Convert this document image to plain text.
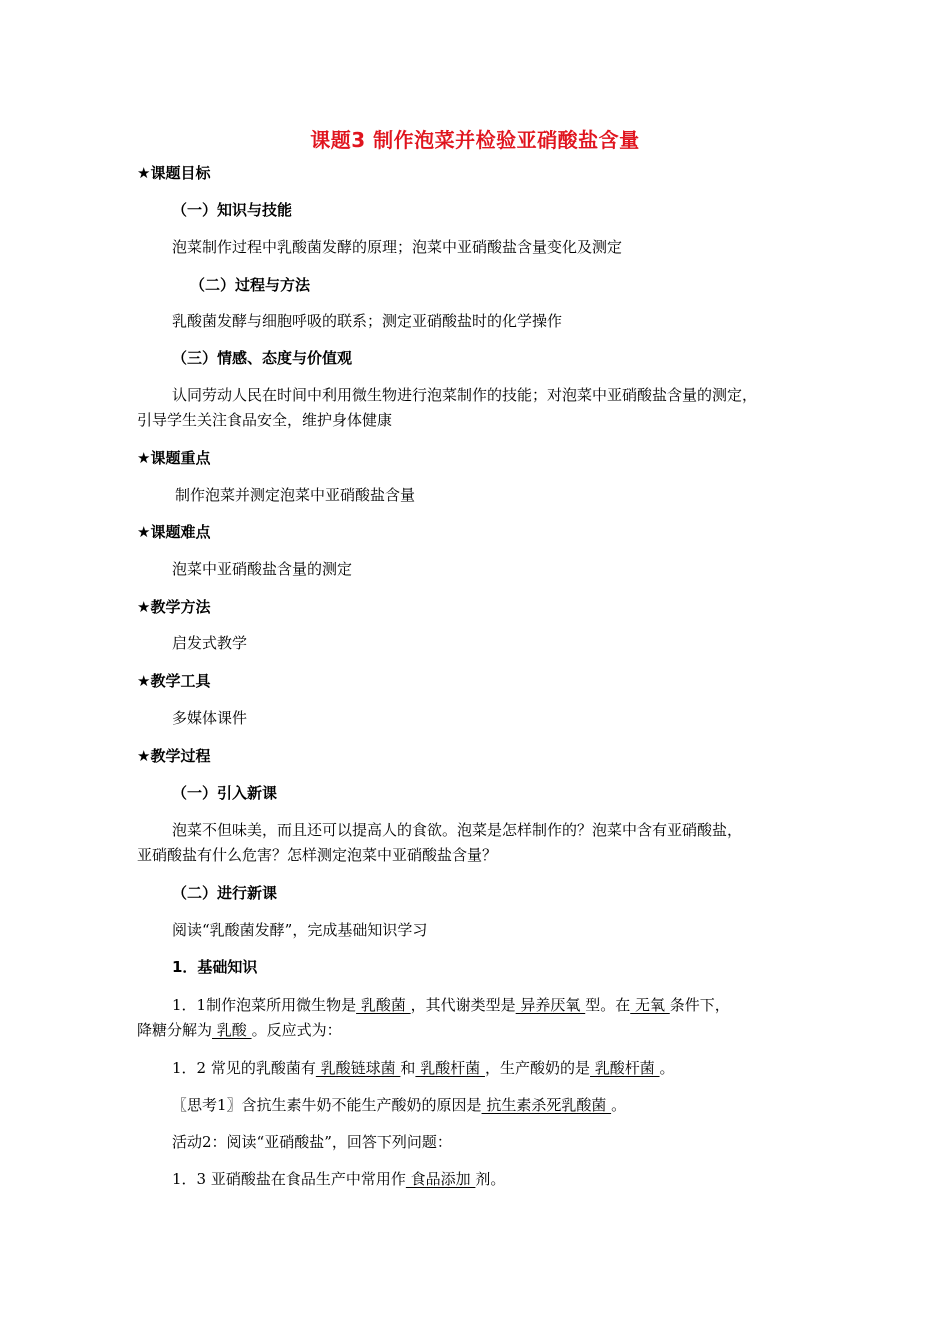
课题3 制作泡菜并检验亚硝酸盐含量
★课题目标
（一）知识与技能
泡菜制作过程中乳酸菌发酵的原理；泡菜中亚硝酸盐含量变化及测定
（二）过程与方法
乳酸菌发酵与细胞呼吸的联系；测定亚硝酸盐时的化学操作
（三）情感、态度与价值观
认同劳动人民在时间中利用微生物进行泡菜制作的技能；对泡菜中亚硝酸盐含量的测定，
引导学生关注食品安全，维护身体健康
★课题重点
制作泡菜并测定泡菜中亚硝酸盐含量
★课题难点
泡菜中亚硝酸盐含量的测定
★教学方法
启发式教学
★教学工具
多媒体课件
★教学过程
（一）引入新课
泡菜不但味美，而且还可以提高人的食欲。泡菜是怎样制作的？泡菜中含有亚硝酸盐，
亚硝酸盐有什么危害？怎样测定泡菜中亚硝酸盐含量？
（二）进行新课
阅读“乳酸菌发酵”，完成基础知识学习
1．基础知识
1．1制作泡菜所用微生物是 乳酸菌 ，其代谢类型是 异养厌氧 型。在 无氧 条件下，
降糖分解为 乳酸 。反应式为：
1．2 常见的乳酸菌有 乳酸链球菌 和 乳酸杆菌 ，生产酸奶的是 乳酸杆菌 。
〖思考1〗含抗生素牛奶不能生产酸奶的原因是 抗生素杀死乳酸菌 。
活动2：阅读“亚硝酸盐”，回答下列问题：
1．3 亚硝酸盐在食品生产中常用作 食品添加 剂。
